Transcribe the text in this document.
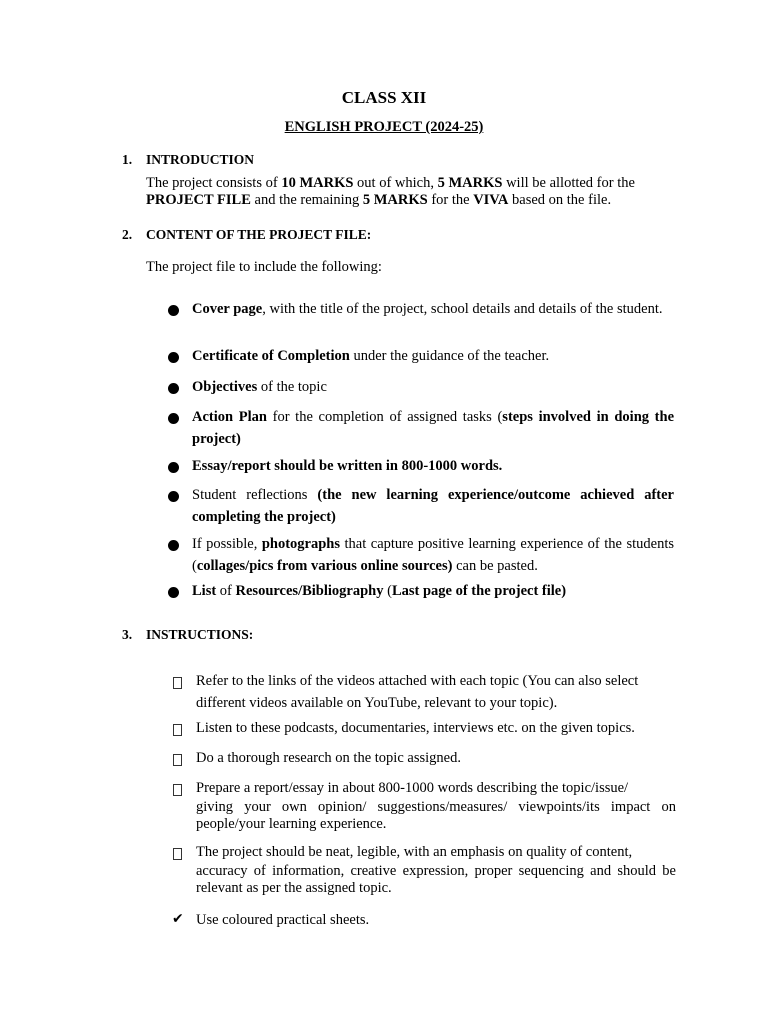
CLASS XII
ENGLISH PROJECT (2024-25)
1. INTRODUCTION
The project consists of 10 MARKS out of which, 5 MARKS will be allotted for the PROJECT FILE and the remaining 5 MARKS for the VIVA based on the file.
2. CONTENT OF THE PROJECT FILE:
The project file to include the following:
Cover page, with the title of the project, school details and details of the student.
Certificate of Completion under the guidance of the teacher.
Objectives of the topic
Action Plan for the completion of assigned tasks (steps involved in doing the project)
Essay/report should be written in 800-1000 words.
Student reflections (the new learning experience/outcome achieved after completing the project)
If possible, photographs that capture positive learning experience of the students (collages/pics from various online sources) can be pasted.
List of Resources/Bibliography (Last page of the project file)
3. INSTRUCTIONS:
Refer to the links of the videos attached with each topic (You can also select
different videos available on YouTube, relevant to your topic).
Listen to these podcasts, documentaries, interviews etc. on the given topics.
Do a thorough research on the topic assigned.
Prepare a report/essay in about 800-1000 words describing the topic/issue/
giving your own opinion/ suggestions/measures/ viewpoints/its impact on people/your learning experience.
The project should be neat, legible, with an emphasis on quality of content,
accuracy of information, creative expression, proper sequencing and should be relevant as per the assigned topic.
✔ Use coloured practical sheets.
